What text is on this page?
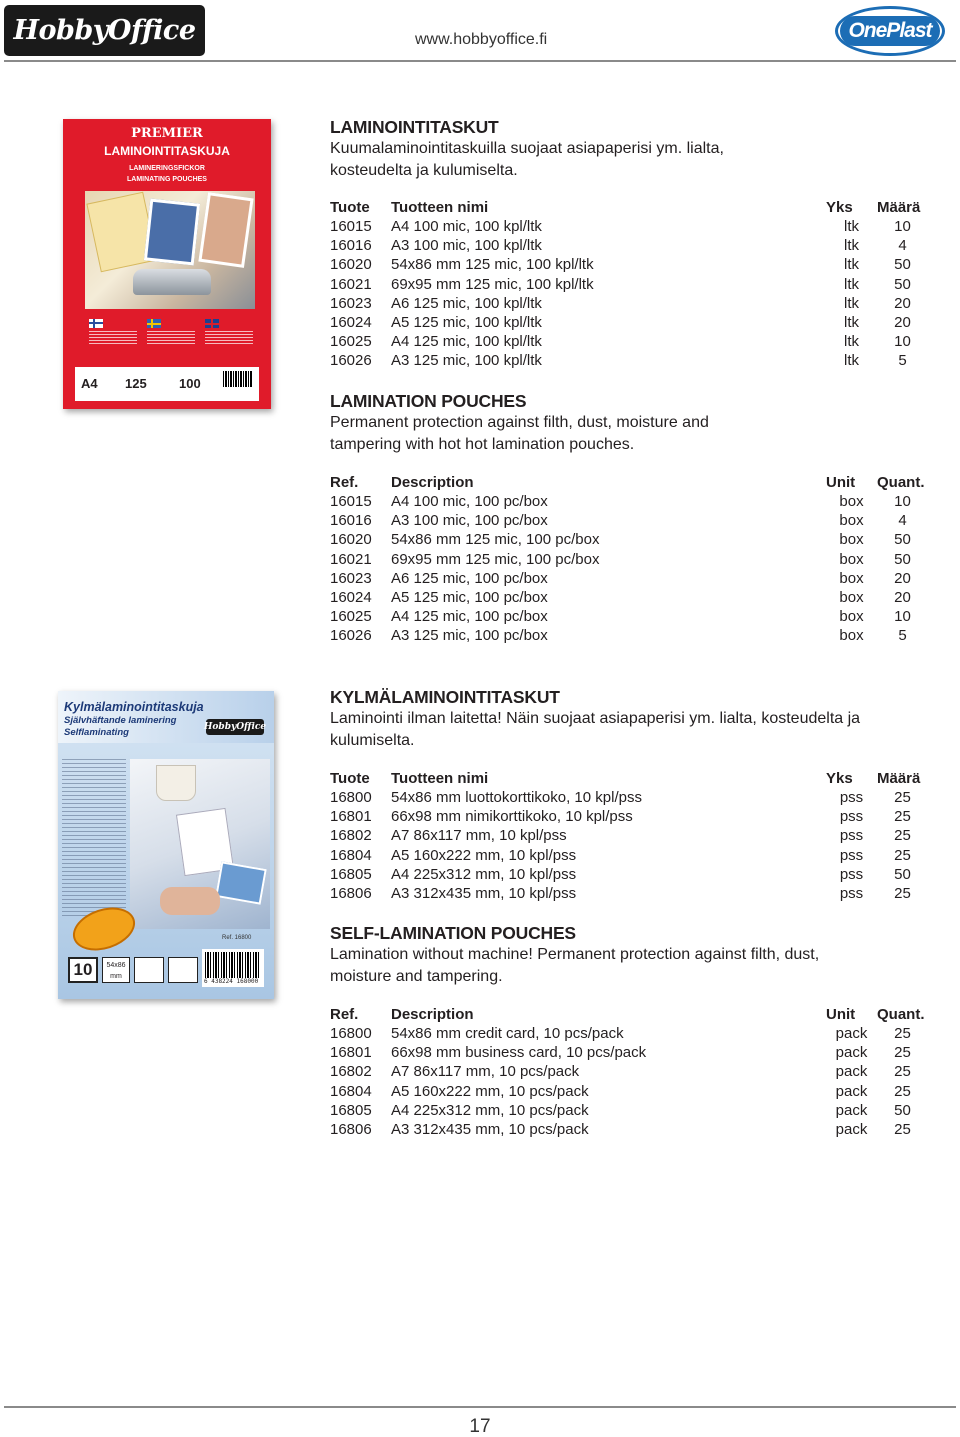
HobbyOffice	www.hobbyoffice.fi	OnePlast
PREMIER
LAMINOINTITASKUJA
LAMINERINGSFICKOR
LAMINATING POUCHES
A4 125 100
LAMINOINTITASKUT
Kuumalaminointitaskuilla suojaat asiapaperisi ym. lialta, kosteudelta ja kulumiselta.
Tuote	Tuotteen nimi	Yks	Määrä
16015	A4 100 mic, 100 kpl/ltk	ltk	10
16016	A3 100 mic, 100 kpl/ltk	ltk	4
16020	54x86 mm 125 mic, 100 kpl/ltk	ltk	50
16021	69x95 mm 125 mic, 100 kpl/ltk	ltk	50
16023	A6 125 mic, 100 kpl/ltk	ltk	20
16024	A5 125 mic, 100 kpl/ltk	ltk	20
16025	A4 125 mic, 100 kpl/ltk	ltk	10
16026	A3 125 mic, 100 kpl/ltk	ltk	5
LAMINATION POUCHES
Permanent protection against filth, dust, moisture and tampering with hot hot lamination pouches.
Ref.	Description	Unit	Quant.
16015	A4 100 mic, 100 pc/box	box	10
16016	A3 100 mic, 100 pc/box	box	4
16020	54x86 mm 125 mic, 100 pc/box	box	50
16021	69x95 mm 125 mic, 100 pc/box	box	50
16023	A6 125 mic, 100 pc/box	box	20
16024	A5 125 mic, 100 pc/box	box	20
16025	A4 125 mic, 100 pc/box	box	10
16026	A3 125 mic, 100 pc/box	box	5
Kylmälaminointitaskuja
Självhäftande laminering
Selflaminating	HobbyOffice
Ref. 16800
10	54x86 mm
6 438224 168000
KYLMÄLAMINOINTITASKUT
Laminointi ilman laitetta! Näin suojaat asiapaperisi ym. lialta, kosteudelta ja kulumiselta.
Tuote	Tuotteen nimi	Yks	Määrä
16800	54x86 mm luottokorttikoko, 10 kpl/pss	pss	25
16801	66x98 mm nimikorttikoko, 10 kpl/pss	pss	25
16802	A7 86x117 mm, 10 kpl/pss	pss	25
16804	A5 160x222 mm, 10 kpl/pss	pss	25
16805	A4 225x312 mm, 10 kpl/pss	pss	50
16806	A3 312x435 mm, 10 kpl/pss	pss	25
SELF-LAMINATION POUCHES
Lamination without machine! Permanent protection against filth, dust, moisture and tampering.
Ref.	Description	Unit	Quant.
16800	54x86 mm credit card, 10 pcs/pack	pack	25
16801	66x98 mm business card, 10 pcs/pack	pack	25
16802	A7 86x117 mm, 10 pcs/pack	pack	25
16804	A5 160x222 mm, 10 pcs/pack	pack	25
16805	A4 225x312 mm, 10 pcs/pack	pack	50
16806	A3 312x435 mm, 10 pcs/pack	pack	25
17
